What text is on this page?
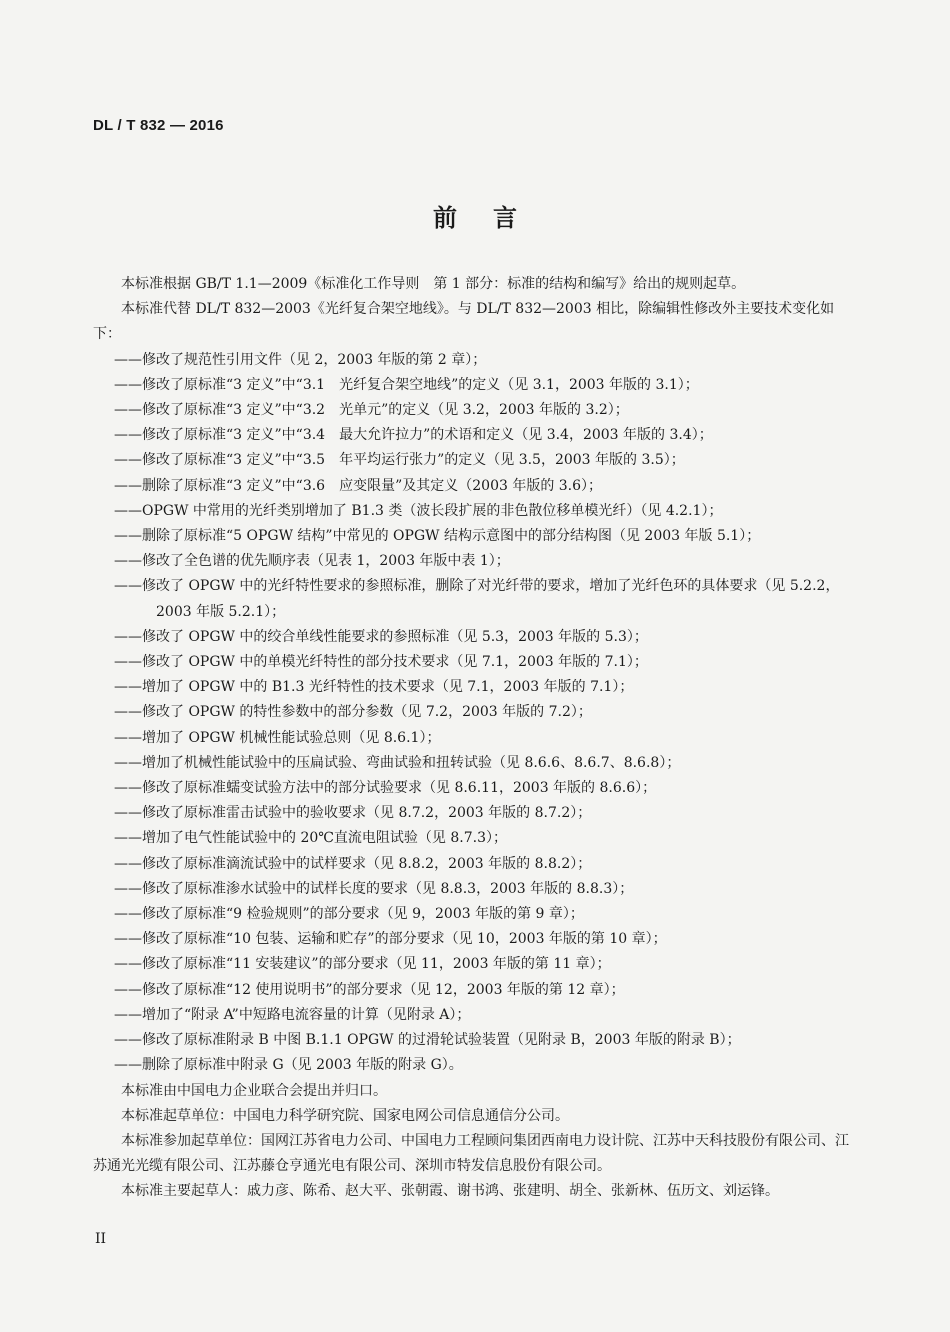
DL / T 832 — 2016
前言

本标准根据 GB/T 1.1—2009《标准化工作导则　第 1 部分：标准的结构和编写》给出的规则起草。

本标准代替 DL/T 832—2003《光纤复合架空地线》。与 DL/T 832—2003 相比，除编辑性修改外主要技术变化如下：

——修改了规范性引用文件（见 2，2003 年版的第 2 章）；

——修改了原标准“3 定义”中“3.1　光纤复合架空地线”的定义（见 3.1，2003 年版的 3.1）；

——修改了原标准“3 定义”中“3.2　光单元”的定义（见 3.2，2003 年版的 3.2）；

——修改了原标准“3 定义”中“3.4　最大允许拉力”的术语和定义（见 3.4，2003 年版的 3.4）；

——修改了原标准“3 定义”中“3.5　年平均运行张力”的定义（见 3.5，2003 年版的 3.5）；

——删除了原标准“3 定义”中“3.6　应变限量”及其定义（2003 年版的 3.6）；

——OPGW 中常用的光纤类别增加了 B1.3 类（波长段扩展的非色散位移单模光纤）（见 4.2.1）；

——删除了原标准“5 OPGW 结构”中常见的 OPGW 结构示意图中的部分结构图（见 2003 年版 5.1）；

——修改了全色谱的优先顺序表（见表 1，2003 年版中表 1）；

——修改了 OPGW 中的光纤特性要求的参照标准，删除了对光纤带的要求，增加了光纤色环的具体要求（见 5.2.2，2003 年版 5.2.1）；

——修改了 OPGW 中的绞合单线性能要求的参照标准（见 5.3，2003 年版的 5.3）；

——修改了 OPGW 中的单模光纤特性的部分技术要求（见 7.1，2003 年版的 7.1）；

——增加了 OPGW 中的 B1.3 光纤特性的技术要求（见 7.1，2003 年版的 7.1）；

——修改了 OPGW 的特性参数中的部分参数（见 7.2，2003 年版的 7.2）；

——增加了 OPGW 机械性能试验总则（见 8.6.1）；

——增加了机械性能试验中的压扁试验、弯曲试验和扭转试验（见 8.6.6、8.6.7、8.6.8）；

——修改了原标准蠕变试验方法中的部分试验要求（见 8.6.11，2003 年版的 8.6.6）；

——修改了原标准雷击试验中的验收要求（见 8.7.2，2003 年版的 8.7.2）；

——增加了电气性能试验中的 20℃直流电阻试验（见 8.7.3）；

——修改了原标准滴流试验中的试样要求（见 8.8.2，2003 年版的 8.8.2）；

——修改了原标准渗水试验中的试样长度的要求（见 8.8.3，2003 年版的 8.8.3）；

——修改了原标准“9 检验规则”的部分要求（见 9，2003 年版的第 9 章）；

——修改了原标准“10 包装、运输和贮存”的部分要求（见 10，2003 年版的第 10 章）；

——修改了原标准“11 安装建议”的部分要求（见 11，2003 年版的第 11 章）；

——修改了原标准“12 使用说明书”的部分要求（见 12，2003 年版的第 12 章）；

——增加了“附录 A”中短路电流容量的计算（见附录 A）；

——修改了原标准附录 B 中图 B.1.1 OPGW 的过滑轮试验装置（见附录 B，2003 年版的附录 B）；

——删除了原标准中附录 G（见 2003 年版的附录 G）。

本标准由中国电力企业联合会提出并归口。

本标准起草单位：中国电力科学研究院、国家电网公司信息通信分公司。

本标准参加起草单位：国网江苏省电力公司、中国电力工程顾问集团西南电力设计院、江苏中天科技股份有限公司、江苏通光光缆有限公司、江苏藤仓亨通光电有限公司、深圳市特发信息股份有限公司。

本标准主要起草人：戚力彦、陈希、赵大平、张朝霞、谢书鸿、张建明、胡全、张新林、伍历文、刘运锋。

II
